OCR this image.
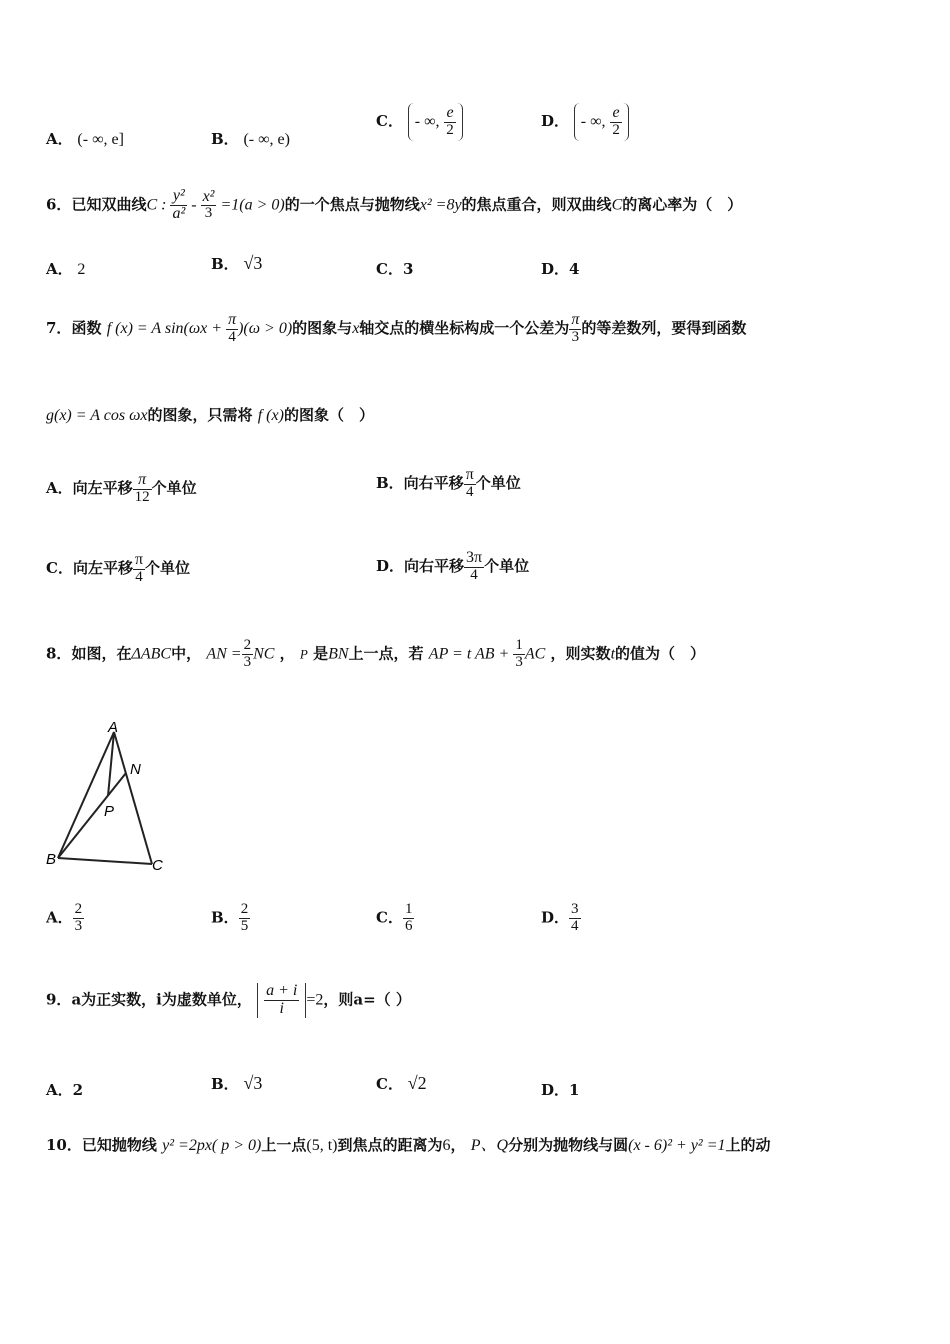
A． (- ∞, e]	B． (- ∞, e)
C． - ∞, $\frac{e}{2}$	D． - ∞, $\frac{e}{2}$
6．已知双曲线C : $\frac{\text{y²}}{\text{a²}} - \frac{\text{x²}}{3} =1(a > 0)$的一个焦点与抛物线x² =8y的焦点重合，则双曲线C的离心率为（　）
A． 2	B． √3	C．3	D．4
7．函数 f (x) = A $\sin(\omega x + \frac{\pi}{4} )(\omega > 0)$的图象与x轴交点的横坐标构成一个公差为 $\frac{\pi}{3}$ 的等差数列，要得到函数
g(x) = A cos ωx的图象，只需将 f (x)的图象（　）
A．向左平移 $\frac{\pi}{12}$ 个单位	B．向右平移 $\frac{\pi}{4}$ 个单位
C．向左平移 $\frac{\pi}{4}$ 个单位	D．向右平移 $\frac{3\pi}{4}$ 个单位
8．如图，在ΔABC中， AN = $\frac{2}{3}$ NC ， P 是BN上一点，若 AP = t AB + $\frac{1}{3}$ AC ，则实数t的值为（　）
A
N
P
B	C
A． $\frac{2}{3}$	B． $\frac{2}{5}$	C． $\frac{1}{6}$	D． $\frac{3}{4}$
9．a为正实数，i为虚数单位， $\frac{a + i}{i} =2$，则a=（ ）
A．2	B． √3	C． √2	D．1
10．已知抛物线 y² =2px( p > 0)上一点(5, t)到焦点的距离为6， P、Q分别为抛物线与圆(x - 6)² + y² =1上的动
